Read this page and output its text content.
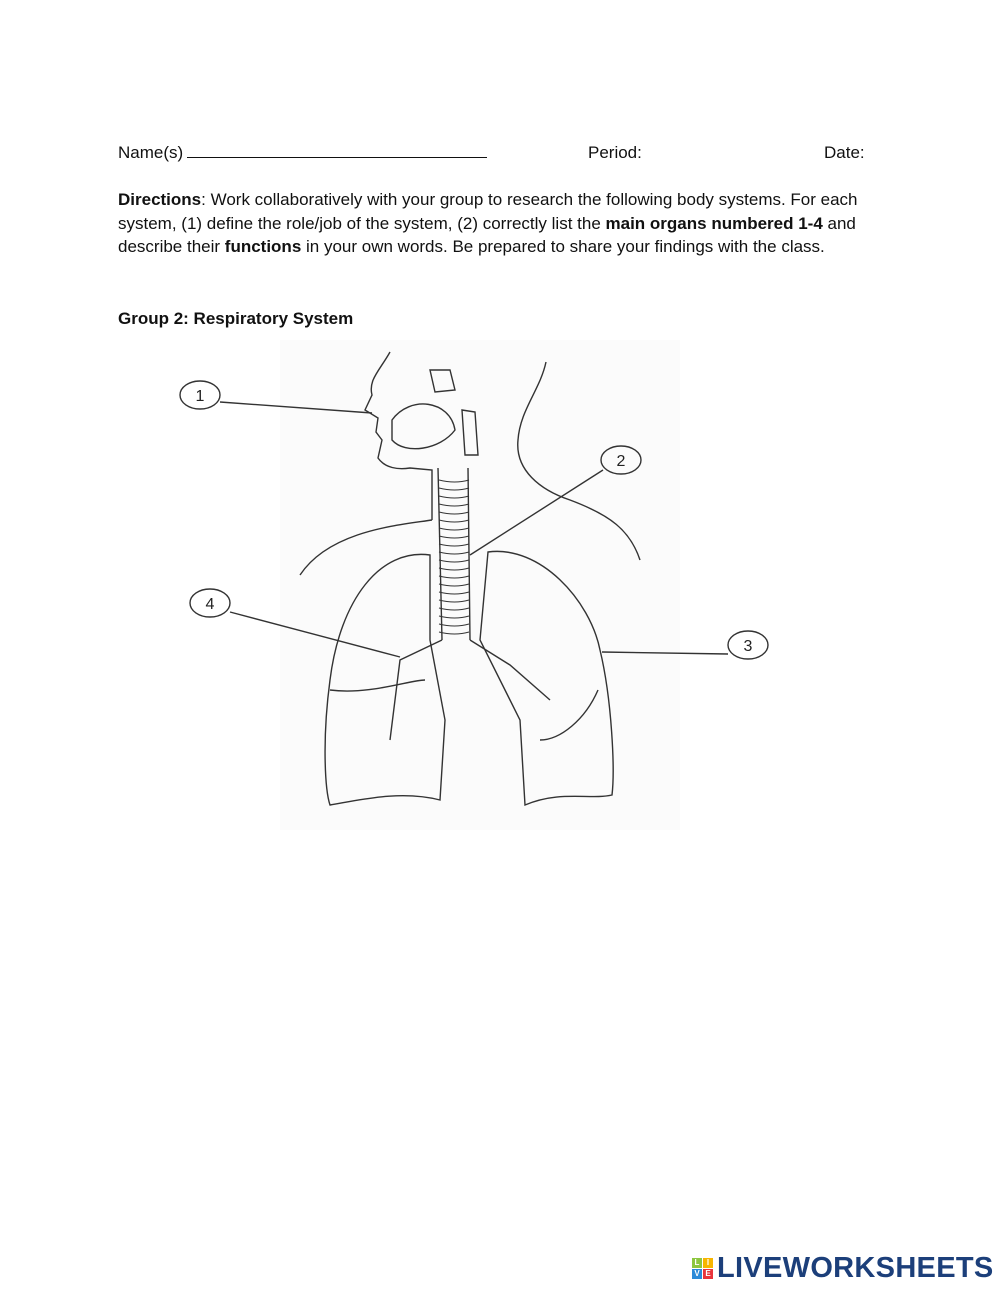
Name(s)	Period:	Date:
Directions: Work collaboratively with your group to research the following body systems. For each system, (1) define the role/job of the system, (2) correctly list the main organs numbered 1-4 and describe their functions in your own words. Be prepared to share your findings with the class.
Group 2: Respiratory System
1
2
3
4
L I
V E LIVEWORKSHEETS
